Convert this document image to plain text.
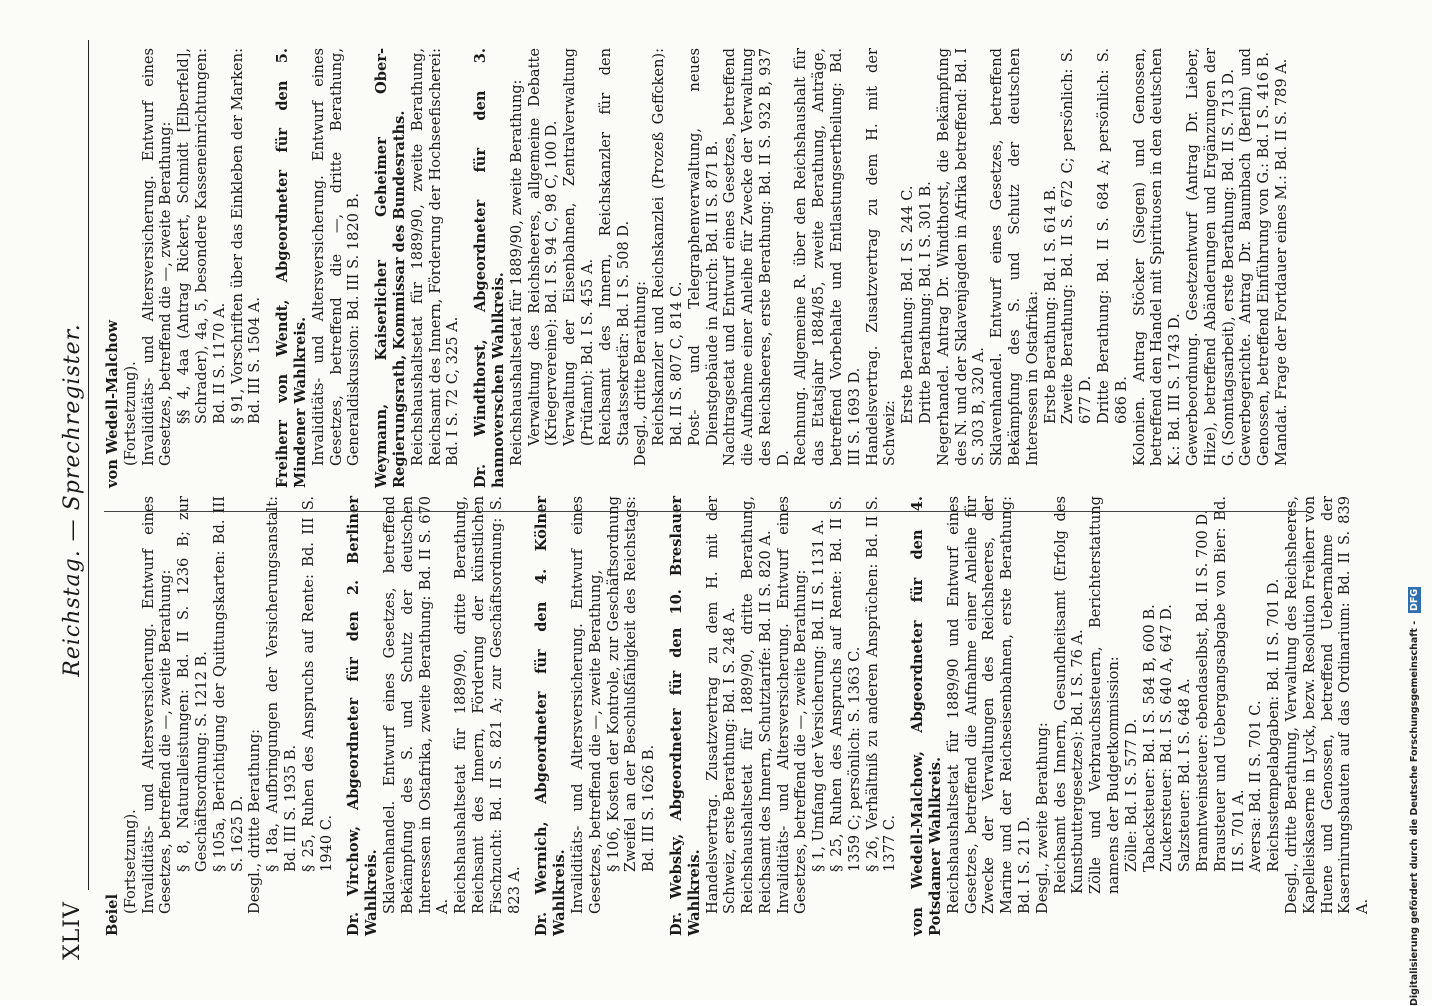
XLIV
Reichstag. — Sprechregister.
Beiel
(Fortsetzung). Invaliditäts- und Altersversicherung. Entwurf eines Gesetzes, betreffend die —, zweite Berathung: § 8, Naturalleistungen: Bd. II S. 1236 B; zur Geschäftsordnung: S. 1212 B. § 105a, Berichtigung der Quittungskarten: Bd. III S. 1625 D. Desgl., dritte Berathung: § 18a, Aufbringungen der Versicherungsanstalt: Bd. III S. 1935 B. § 25, Ruhen des Anspruchs auf Rente: Bd. III S. 1940 C. Dr. Virchow, Abgeordneter für den 2. Berliner Wahlkreis. Sklavenhandel. Entwurf eines Gesetzes, betreffend Bekämpfung des S. und Schutz der deutschen Interessen in Ostafrika, zweite Berathung: Bd. II S. 670 A. Reichshaushaltsetat für 1889/90, dritte Berathung, Reichsamt des Innern, Förderung der künstlichen Fischzucht: Bd. II S. 821 A; zur Geschäftsordnung: S. 823 A. Dr. Wernich, Abgeordneter für den 4. Kölner Wahlkreis. Invaliditäts- und Altersversicherung. Entwurf eines Gesetzes, betreffend die —, zweite Berathung, § 106, Kosten der Kontrole, zur Geschäftsordnung Zweifel an der Beschlußfähigkeit des Reichstags: Bd. III S. 1626 B. Dr. Websky, Abgeordneter für den 10. Breslauer Wahlkreis. Handelsvertrag. Zusatzvertrag zu dem H. mit der Schweiz, erste Berathung: Bd. I S. 248 A. Reichshaushaltsetat für 1889/90, dritte Berathung, Reichsamt des Innern, Schutztarife: Bd. II S. 820 A. Invaliditäts- und Altersversicherung. Entwurf eines Gesetzes, betreffend die —, zweite Berathung: § 1, Umfang der Versicherung: Bd. II S. 1131 A. § 25, Ruhen des Anspruchs auf Rente: Bd. II S. 1359 C; persönlich: S. 1363 C. § 26, Verhältniß zu anderen Ansprüchen: Bd. II S. 1377 C. von Wedell-Malchow, Abgeordneter für den 4. Potsdamer Wahlkreis. Reichshaushaltsetat für 1889/90 und Entwurf eines Gesetzes, betreffend die Aufnahme einer Anleihe für Zwecke der Verwaltungen des Reichsheeres, der Marine und der Reichseisenbahnen, erste Berathung: Bd. I S. 21 D. Desgl., zweite Berathung: Reichsamt des Innern, Gesundheitsamt (Erfolg des Kunstbuttergesetzes): Bd. I S. 76 A. Zölle und Verbrauchssteuern, Berichterstattung namens der Budgetkommission: Zölle: Bd. I S. 577 D. Tabacksteuer: Bd. I S. 584 B, 600 B. Zuckersteuer: Bd. I S. 640 A, 647 D. Salzsteuer: Bd. I S. 648 A. Branntweinsteuer: ebendaselbst, Bd. II S. 700 D. Brausteuer und Uebergangsabgabe von Bier: Bd. II S. 701 A. Aversa: Bd. II S. 701 C. Reichsstempelabgaben: Bd. II S. 701 D. Desgl., dritte Berathung, Verwaltung des Reichsheeres, Kapelleiskaserne in Lyck, bezw. Resolution Freiherr von Huene und Genossen, betreffend Uebernahme der Kasernirungsbauten auf das Ordinarium: Bd. II S. 839 A.
von Wedell-Malchow (Fortsetzung). Invaliditäts- und Altersversicherung. Entwurf eines Gesetzes, betreffend die —, zweite Berathung: §§ 4, 4aa (Antrag Rickert, Schmidt [Elberfeld], Schrader), 4a, 5, besondere Kasseneinrichtungen: Bd. II S. 1170 A. § 91, Vorschriften über das Einkleben der Marken: Bd. III S. 1504 A. Freiherr von Wendt, Abgeordneter für den 5. Mindener Wahlkreis. Invaliditäts- und Altersversicherung. Entwurf eines Gesetzes, betreffend die —, dritte Berathung, Generaldiskussion: Bd. III S. 1820 B. Weymann, Kaiserlicher Geheimer Ober-Regierungsrath, Kommissar des Bundesraths. Reichshaushaltsetat für 1889/90, zweite Berathung, Reichsamt des Innern, Förderung der Hochseefischerei: Bd. I S. 72 C, 325 A. Dr. Windthorst, Abgeordneter für den 3. hannoverschen Wahlkreis. Reichshaushaltsetat für 1889/90, zweite Berathung: Verwaltung des Reichsheeres, allgemeine Debatte (Kriegervereine): Bd. I S. 94 C, 98 C, 100 D. Verwaltung der Eisenbahnen, Zentralverwaltung (Prüfamt): Bd. I S. 455 A. Reichsamt des Innern, Reichskanzler für den Staatssekretär: Bd. I S. 508 D. Desgl., dritte Berathung: Reichskanzler und Reichskanzlei (Prozeß Geffcken): Bd. II S. 807 C, 814 C. Post- und Telegraphenverwaltung, neues Dienstgebäude in Aurich: Bd. II S. 871 B. Nachtragsetat und Entwurf eines Gesetzes, betreffend die Aufnahme einer Anleihe für Zwecke der Verwaltung des Reichsheeres, erste Berathung: Bd. II S. 932 B, 937 D. Rechnung. Allgemeine R. über den Reichshaushalt für das Etatsjahr 1884/85, zweite Berathung, Anträge, betreffend Vorbehalte und Entlastungsertheilung: Bd. III S. 1693 D. Handelsvertrag. Zusatzvertrag zu dem H. mit der Schweiz:
Erste Berathung: Bd. I S. 244 C. Dritte Berathung: Bd. I S. 301 B. Negerhandel. Antrag Dr. Windthorst, die Bekämpfung des N. und der Sklavenjagden in Afrika betreffend: Bd. I S. 303 B, 320 A. Sklavenhandel. Entwurf eines Gesetzes, betreffend Bekämpfung des S. und Schutz der deutschen Interessen in Ostafrika: Erste Berathung: Bd. I S. 614 B. Zweite Berathung: Bd. II S. 672 C; persönlich: S. 677 D. Dritte Berathung: Bd. II S. 684 A; persönlich: S. 686 B. Kolonien. Antrag Stöcker (Siegen) und Genossen, betreffend den Handel mit Spirituosen in den deutschen K.: Bd. III S. 1743 D. Gewerbeordnung. Gesetzentwurf (Antrag Dr. Lieber, Hize), betreffend Abänderungen und Ergänzungen der G. (Sonntagsarbeit), erste Berathung: Bd. II S. 713 D. Gewerbegerichte. Antrag Dr. Baumbach (Berlin) und Genossen, betreffend Einführung von G.: Bd. I S. 416 B. Mandat. Frage der Fortdauer eines M.: Bd. II S. 789 A.
Digitalisierung gefördert durch die Deutsche Forschungsgemeinschaft - DFG
